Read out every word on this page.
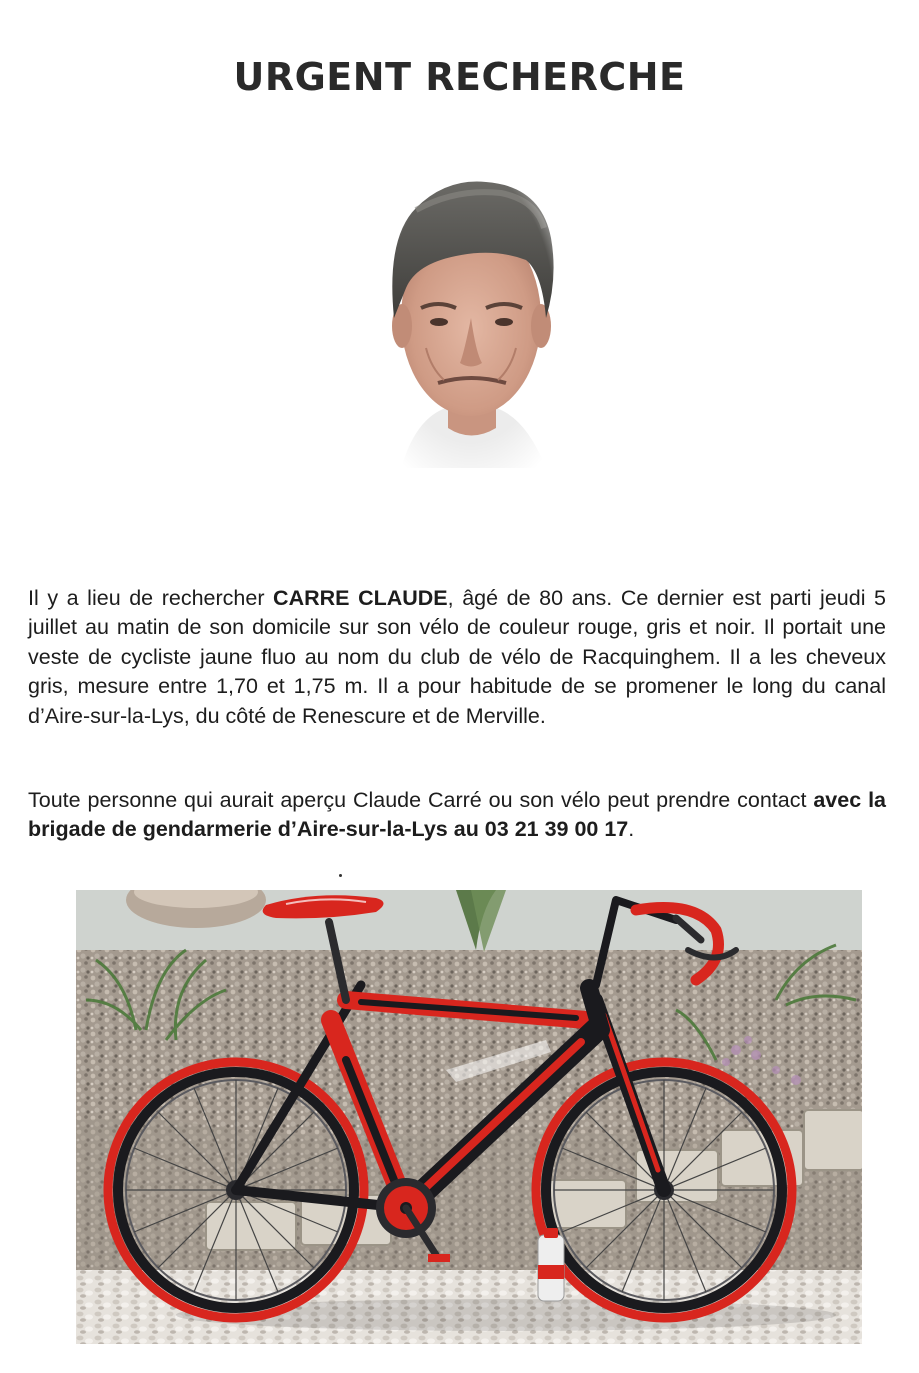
URGENT RECHERCHE

Il y a lieu de rechercher CARRE CLAUDE, âgé de 80 ans. Ce dernier est parti jeudi 5 juillet au matin de son domicile sur son vélo de couleur rouge, gris et noir. Il portait une veste de cycliste jaune fluo au nom du club de vélo de Racquinghem. Il a les cheveux gris, mesure entre 1,70 et 1,75 m. Il a pour habitude de se promener le long du canal d’Aire-sur-la-Lys, du côté de Renescure et de Merville.

Toute personne qui aurait aperçu Claude Carré ou son vélo peut prendre contact avec la brigade de gendarmerie d’Aire-sur-la-Lys au 03 21 39 00 17.
